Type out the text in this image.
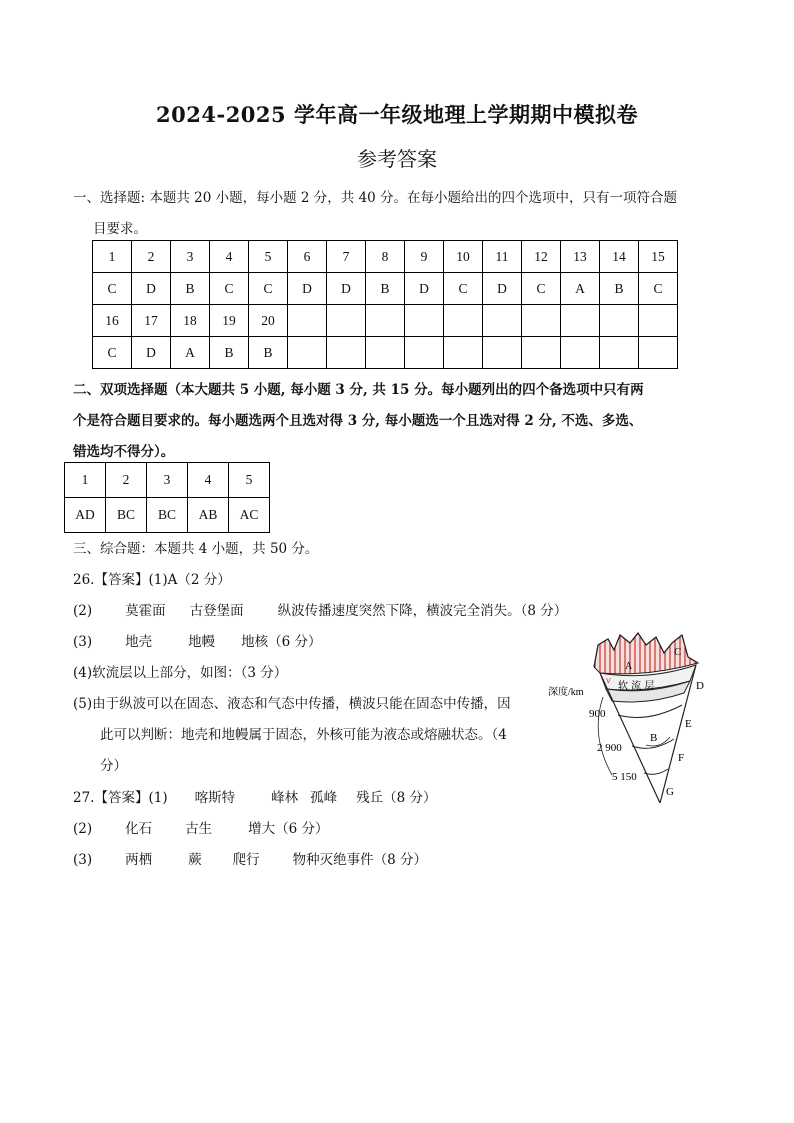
2024-2025 学年高一年级地理上学期期中模拟卷
参考答案
一、选择题: 本题共 20 小题，每小题 2 分，共 40 分。在每小题给出的四个选项中，只有一项符合题
目要求。
1	2	3	4	5	6	7	8	9	10	11	12	13	14	15
C	D	B	C	C	D	D	B	D	C	D	C	A	B	C
16	17	18	19	20										
C	D	A	B	B										
二、双项选择题（本大题共 5 小题, 每小题 3 分, 共 15 分。每小题列出的四个备选项中只有两
个是符合题目要求的。每小题选两个且选对得 3 分, 每小题选一个且选对得 2 分, 不选、多选、
错选均不得分）。
1	2	3	4	5
AD	BC	BC	AB	AC
三、综合题：本题共 4 小题，共 50 分。
26.【答案】(1)A（2 分）
(2) 莫霍面 古登堡面	纵波传播速度突然下降，横波完全消失。（8 分）
(3) 地壳	地幔 地核（6 分）
(4)软流层以上部分，如图：（3 分）
(5)由于纵波可以在固态、液态和气态中传播，横波只能在固态中传播，因
此可以判断：地壳和地幔属于固态，外核可能为液态或熔融状态。（4
分）
27.【答案】(1) 喀斯特	峰林 孤峰 残丘（8 分）
(2) 化石 古生	增大（6 分）
(3) 两栖	蕨 爬行 物种灭绝事件（8 分）
V 软 流 层
深度/km
900
2 900
5 150
A
B
C
D
E
F
G
